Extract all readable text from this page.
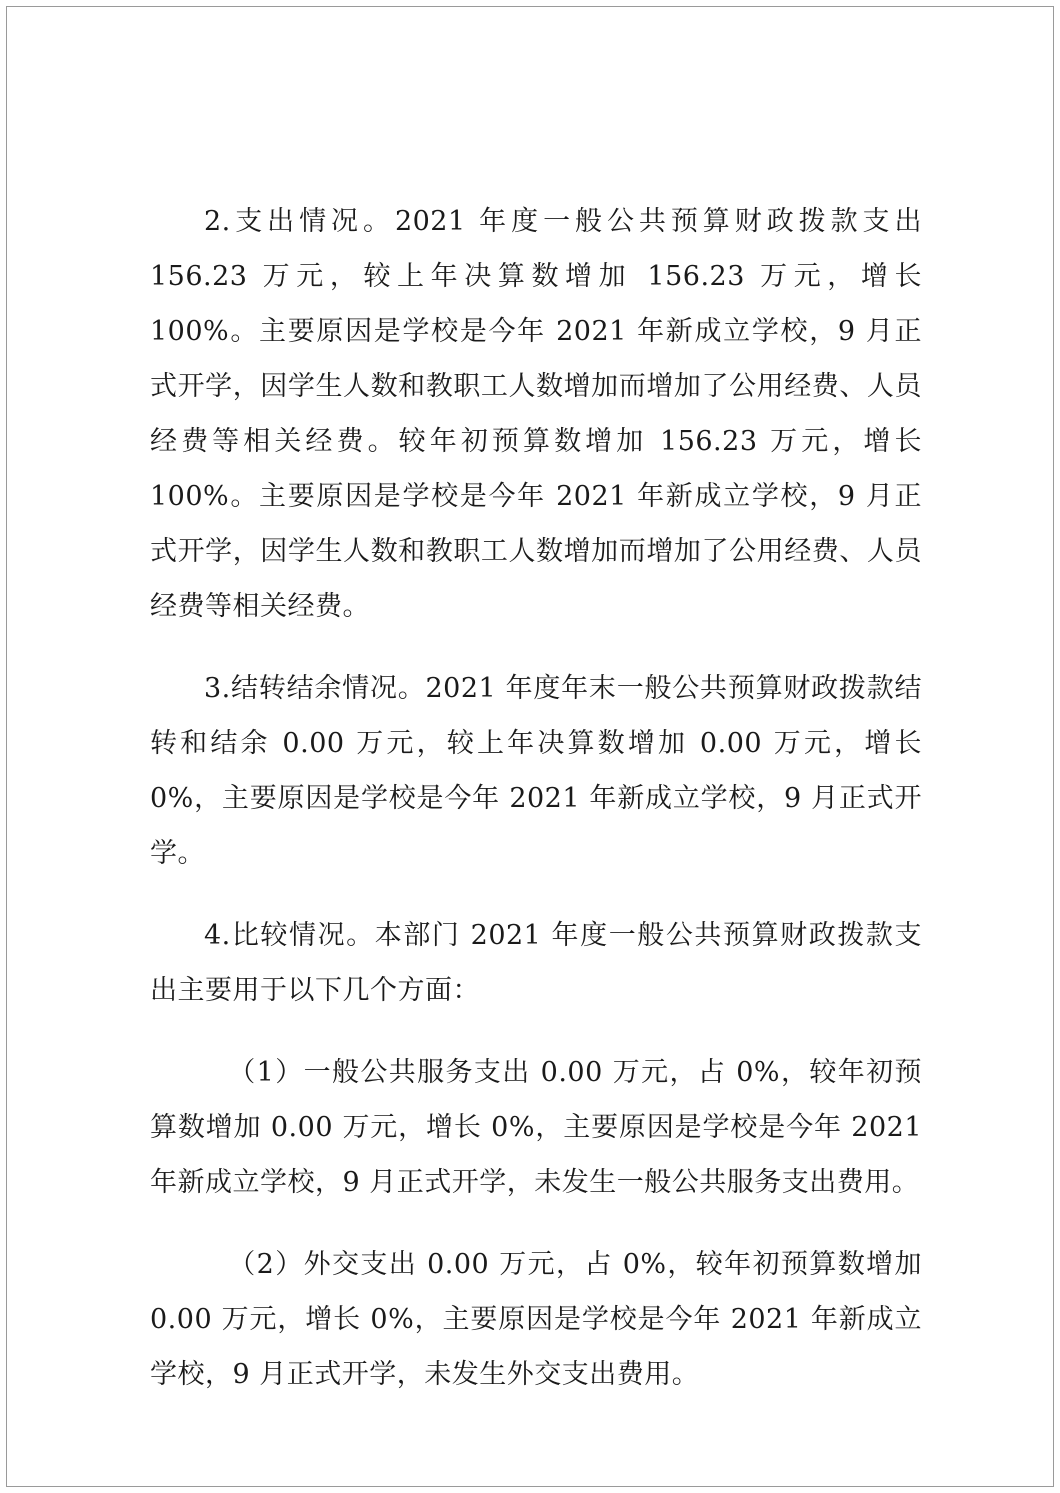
2.支出情况。2021 年度一般公共预算财政拨款支出 156.23 万元，较上年决算数增加 156.23 万元，增长 100%。主要原因是学校是今年 2021 年新成立学校，9 月正式开学，因学生人数和教职工人数增加而增加了公用经费、人员经费等相关经费。较年初预算数增加 156.23 万元，增长 100%。主要原因是学校是今年 2021 年新成立学校，9 月正式开学，因学生人数和教职工人数增加而增加了公用经费、人员经费等相关经费。

3.结转结余情况。2021 年度年末一般公共预算财政拨款结转和结余 0.00 万元，较上年决算数增加 0.00 万元，增长 0%，主要原因是学校是今年 2021 年新成立学校，9 月正式开学。

4.比较情况。本部门 2021 年度一般公共预算财政拨款支出主要用于以下几个方面：

（1）一般公共服务支出 0.00 万元，占 0%，较年初预算数增加 0.00 万元，增长 0%，主要原因是学校是今年 2021 年新成立学校，9 月正式开学，未发生一般公共服务支出费用。

（2）外交支出 0.00 万元，占 0%，较年初预算数增加 0.00 万元，增长 0%，主要原因是学校是今年 2021 年新成立学校，9 月正式开学，未发生外交支出费用。
